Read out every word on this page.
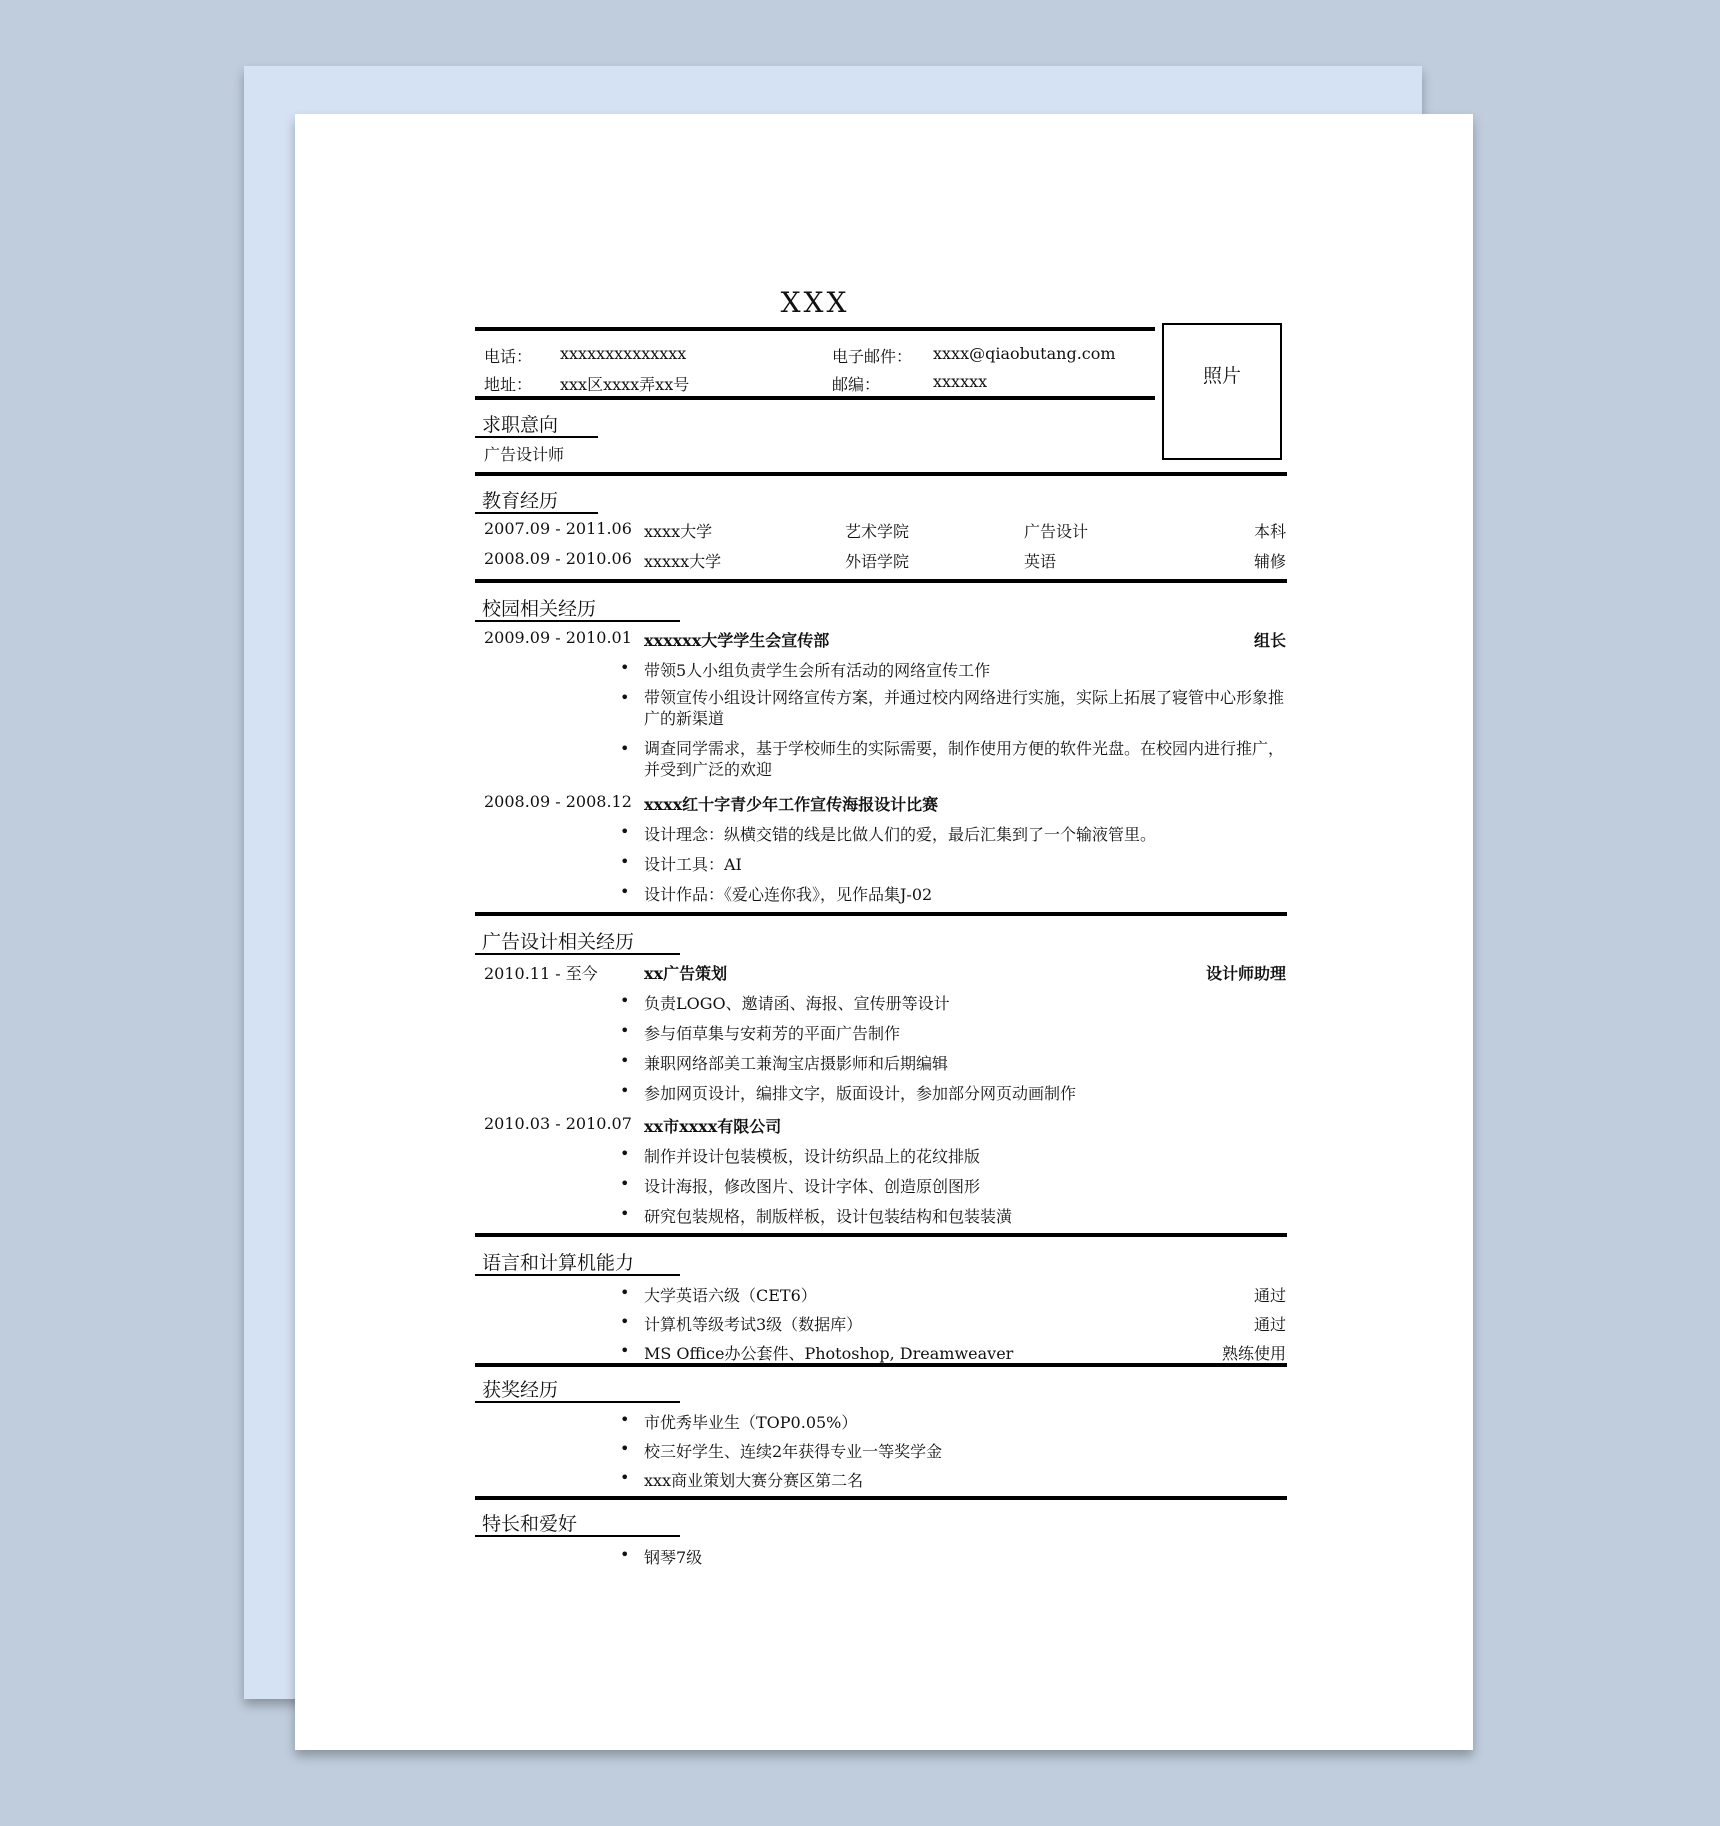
XXX
电话： xxxxxxxxxxxxxx	电子邮件： xxxx@qiaobutang.com
地址： xxx区xxxx弄xx号	邮编：	xxxxxx	照片
求职意向
广告设计师
教育经历
2007.09 - 2011.06 xxxx大学	艺术学院	广告设计	本科
2008.09 - 2010.06 xxxxx大学	外语学院	英语	辅修
校园相关经历
2009.09 - 2010.01 xxxxxx大学学生会宣传部	组长
• 带领5人小组负责学生会所有活动的网络宣传工作
• 带领宣传小组设计网络宣传方案，并通过校内网络进行实施，实际上拓展了寝管中心形象推广的新渠道
• 调查同学需求，基于学校师生的实际需要，制作使用方便的软件光盘。在校园内进行推广，并受到广泛的欢迎
2008.09 - 2008.12 xxxx红十字青少年工作宣传海报设计比赛
• 设计理念：纵横交错的线是比做人们的爱，最后汇集到了一个输液管里。
• 设计工具：AI
• 设计作品：《爱心连你我》，见作品集J-02
广告设计相关经历
2010.11 - 至今	xx广告策划	设计师助理
• 负责LOGO、邀请函、海报、宣传册等设计
• 参与佰草集与安莉芳的平面广告制作
• 兼职网络部美工兼淘宝店摄影师和后期编辑
• 参加网页设计，编排文字，版面设计，参加部分网页动画制作
2010.03 - 2010.07 xx市xxxx有限公司
• 制作并设计包装模板，设计纺织品上的花纹排版
• 设计海报，修改图片、设计字体、创造原创图形
• 研究包装规格，制版样板，设计包装结构和包装装潢
语言和计算机能力
• 大学英语六级（CET6）	通过
• 计算机等级考试3级（数据库）	通过
• MS Office办公套件、Photoshop, Dreamweaver	熟练使用
获奖经历
• 市优秀毕业生（TOP0.05%）
• 校三好学生、连续2年获得专业一等奖学金
• xxx商业策划大赛分赛区第二名
特长和爱好
• 钢琴7级
